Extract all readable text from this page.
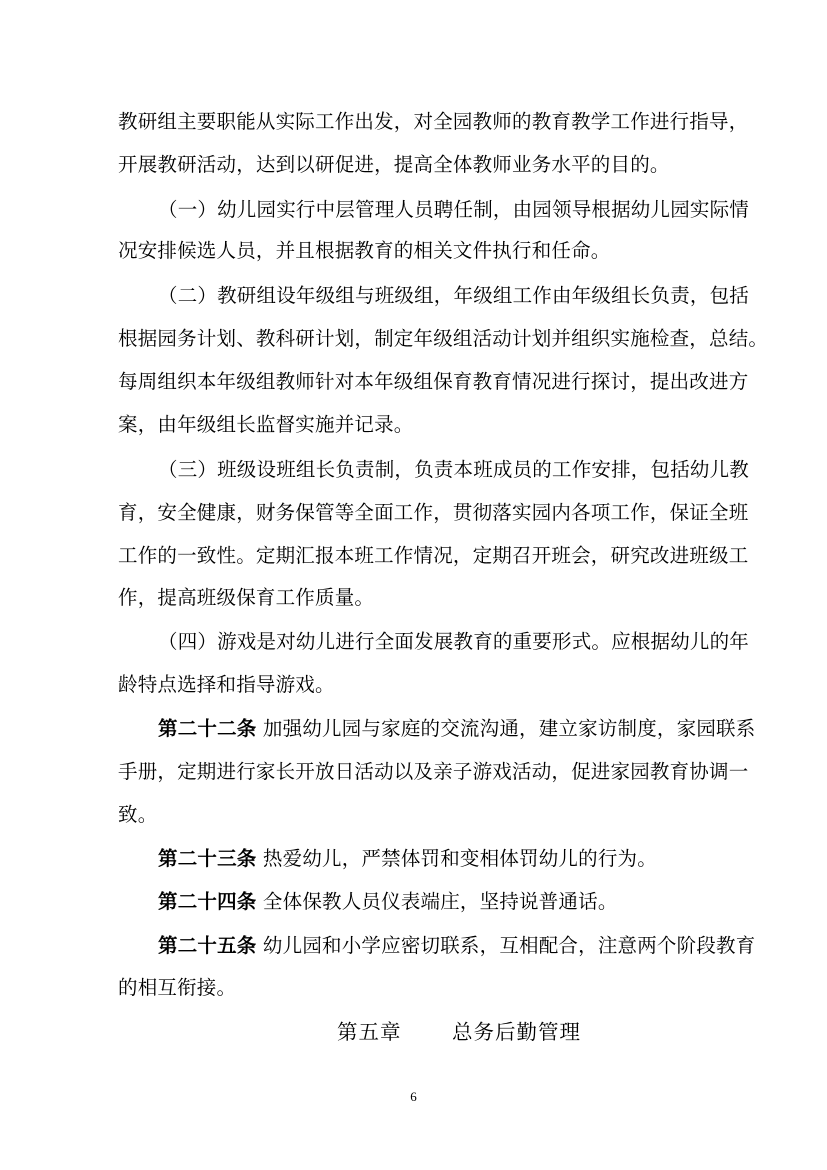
教研组主要职能从实际工作出发，对全园教师的教育教学工作进行指导，
开展教研活动，达到以研促进，提高全体教师业务水平的目的。
（一）幼儿园实行中层管理人员聘任制，由园领导根据幼儿园实际情
况安排候选人员，并且根据教育的相关文件执行和任命。
（二）教研组设年级组与班级组，年级组工作由年级组长负责，包括
根据园务计划、教科研计划，制定年级组活动计划并组织实施检查，总结。
每周组织本年级组教师针对本年级组保育教育情况进行探讨，提出改进方
案，由年级组长监督实施并记录。
（三）班级设班组长负责制，负责本班成员的工作安排，包括幼儿教
育，安全健康，财务保管等全面工作，贯彻落实园内各项工作，保证全班
工作的一致性。定期汇报本班工作情况，定期召开班会，研究改进班级工
作，提高班级保育工作质量。
（四）游戏是对幼儿进行全面发展教育的重要形式。应根据幼儿的年
龄特点选择和指导游戏。
第二十二条 加强幼儿园与家庭的交流沟通，建立家访制度，家园联系
手册，定期进行家长开放日活动以及亲子游戏活动，促进家园教育协调一
致。
第二十三条 热爱幼儿，严禁体罚和变相体罚幼儿的行为。
第二十四条 全体保教人员仪表端庄，坚持说普通话。
第二十五条 幼儿园和小学应密切联系，互相配合，注意两个阶段教育
的相互衔接。
第五章 总务后勤管理
6
